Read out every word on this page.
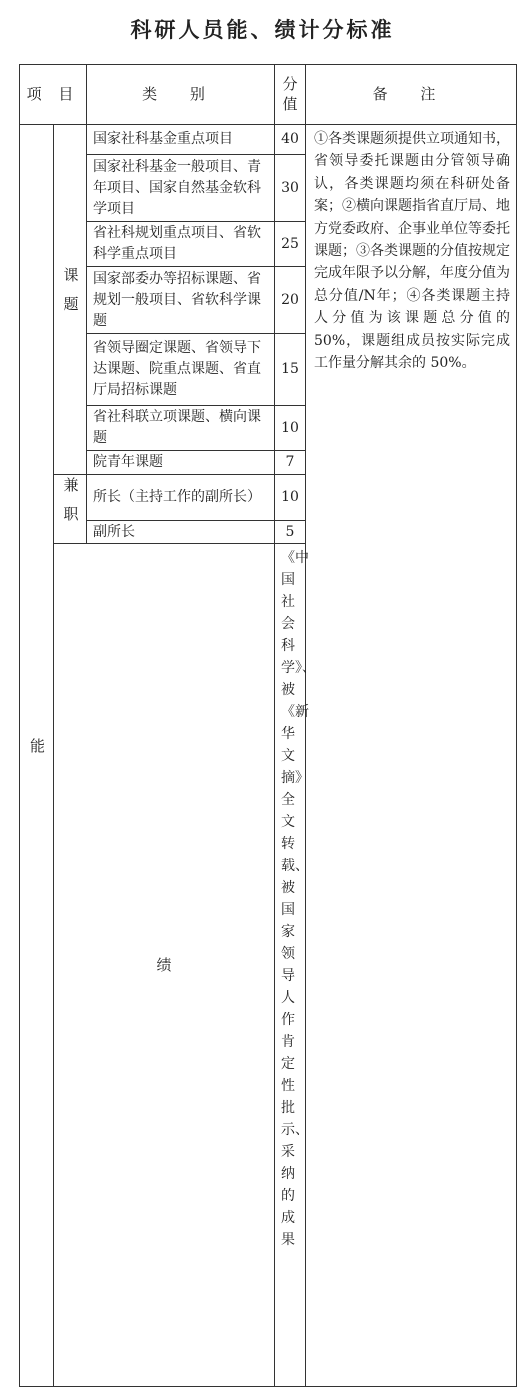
科研人员能、绩计分标准
项 目		类 别	分值	备 注	
能	课题	国家社科基金重点项目	40	①各类课题须提供立项通知书，省领导委托课题由分管领导确认，各类课题均须在科研处备案；②横向课题指省直厅局、地方党委政府、企事业单位等委托课题；③各类课题的分值按规定完成年限予以分解，年度分值为总分值/N年；④各类课题主持人分值为该课题总分值的 50%，课题组成员按实际完成工作量分解其余的 50%。	
		国家社科基金一般项目、青年项目、国家自然基金软科学项目	30		
		省社科规划重点项目、省软科学重点项目	25		
		国家部委办等招标课题、省规划一般项目、省软科学课题	20		
		省领导圈定课题、省领导下达课题、院重点课题、省直厅局招标课题	15		
		省社科联立项课题、横向课题	10		
		院青年课题	7		
	兼职	所长（主持工作的副所长）	10		
		副所长	5		
	绩		《中国社会科学》、被《新华文摘》全文转载、被国家领导人作肯定性批示、采纳的成果		
